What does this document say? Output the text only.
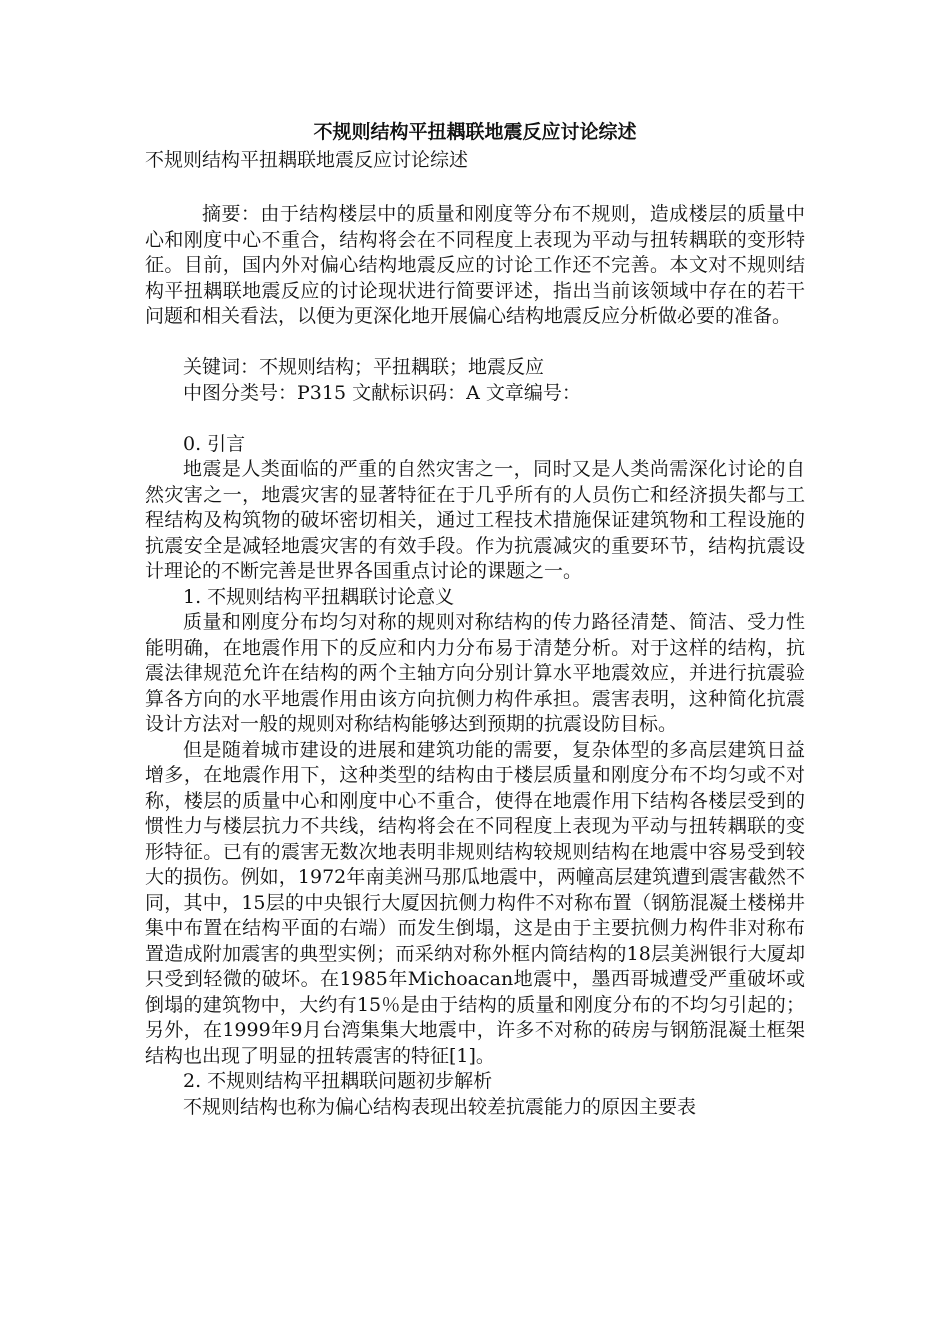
不规则结构平扭耦联地震反应讨论综述
不规则结构平扭耦联地震反应讨论综述
摘要：由于结构楼层中的质量和刚度等分布不规则，造成楼层的质量中心和刚度中心不重合，结构将会在不同程度上表现为平动与扭转耦联的变形特征。目前，国内外对偏心结构地震反应的讨论工作还不完善。本文对不规则结构平扭耦联地震反应的讨论现状进行简要评述，指出当前该领域中存在的若干问题和相关看法，以便为更深化地开展偏心结构地震反应分析做必要的准备。
关键词：不规则结构；平扭耦联；地震反应
中图分类号：P315 文献标识码：A 文章编号：
0. 引言
地震是人类面临的严重的自然灾害之一，同时又是人类尚需深化讨论的自然灾害之一，地震灾害的显著特征在于几乎所有的人员伤亡和经济损失都与工程结构及构筑物的破坏密切相关，通过工程技术措施保证建筑物和工程设施的抗震安全是减轻地震灾害的有效手段。作为抗震减灾的重要环节，结构抗震设计理论的不断完善是世界各国重点讨论的课题之一。
1. 不规则结构平扭耦联讨论意义
质量和刚度分布均匀对称的规则对称结构的传力路径清楚、简洁、受力性能明确，在地震作用下的反应和内力分布易于清楚分析。对于这样的结构，抗震法律规范允许在结构的两个主轴方向分别计算水平地震效应，并进行抗震验算各方向的水平地震作用由该方向抗侧力构件承担。震害表明，这种简化抗震设计方法对一般的规则对称结构能够达到预期的抗震设防目标。
但是随着城市建设的进展和建筑功能的需要，复杂体型的多高层建筑日益增多，在地震作用下，这种类型的结构由于楼层质量和刚度分布不均匀或不对称，楼层的质量中心和刚度中心不重合，使得在地震作用下结构各楼层受到的惯性力与楼层抗力不共线，结构将会在不同程度上表现为平动与扭转耦联的变形特征。已有的震害无数次地表明非规则结构较规则结构在地震中容易受到较大的损伤。例如，1972年南美洲马那瓜地震中，两幢高层建筑遭到震害截然不同，其中，15层的中央银行大厦因抗侧力构件不对称布置（钢筋混凝土楼梯井集中布置在结构平面的右端）而发生倒塌，这是由于主要抗侧力构件非对称布置造成附加震害的典型实例；而采纳对称外框内筒结构的18层美洲银行大厦却只受到轻微的破坏。在1985年Michoacan地震中，墨西哥城遭受严重破坏或倒塌的建筑物中，大约有15％是由于结构的质量和刚度分布的不均匀引起的；另外，在1999年9月台湾集集大地震中，许多不对称的砖房与钢筋混凝土框架结构也出现了明显的扭转震害的特征[1]。
2. 不规则结构平扭耦联问题初步解析
不规则结构也称为偏心结构表现出较差抗震能力的原因主要表
